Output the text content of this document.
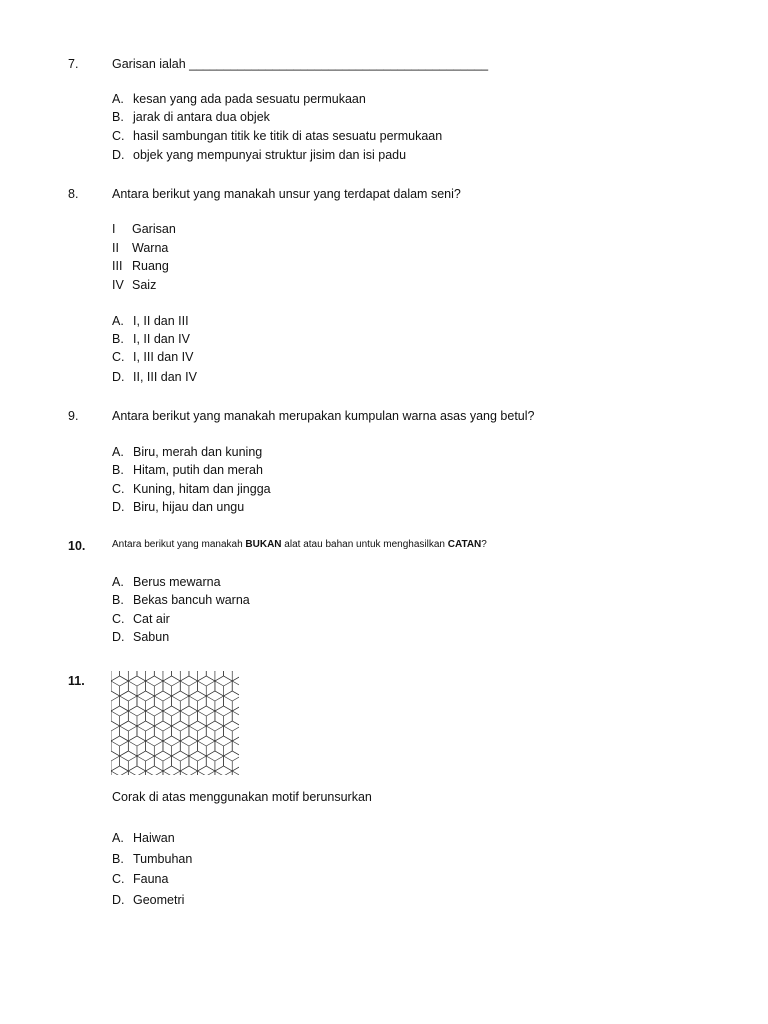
7.	Garisan ialah ___________________________________________
A. kesan yang ada pada sesuatu permukaan
B. jarak di antara dua objek
C. hasil sambungan titik ke titik di atas sesuatu permukaan
D. objek yang mempunyai struktur jisim dan isi padu
8.	Antara berikut yang manakah unsur yang terdapat dalam seni?
I Garisan
II Warna
III Ruang
IV Saiz
A. I, II dan III
B. I, II dan IV
C. I, III dan IV
D. II, III dan IV
9.	Antara berikut yang manakah merupakan kumpulan warna asas yang betul?
A. Biru, merah dan kuning
B. Hitam, putih dan merah
C. Kuning, hitam dan jingga
D. Biru, hijau dan ungu
10.	Antara berikut yang manakah BUKAN alat atau bahan untuk menghasilkan CATAN?
A. Berus mewarna
B. Bekas bancuh warna
C. Cat air
D. Sabun
11.
Corak di atas menggunakan motif berunsurkan
A. Haiwan
B. Tumbuhan
C. Fauna
D. Geometri
